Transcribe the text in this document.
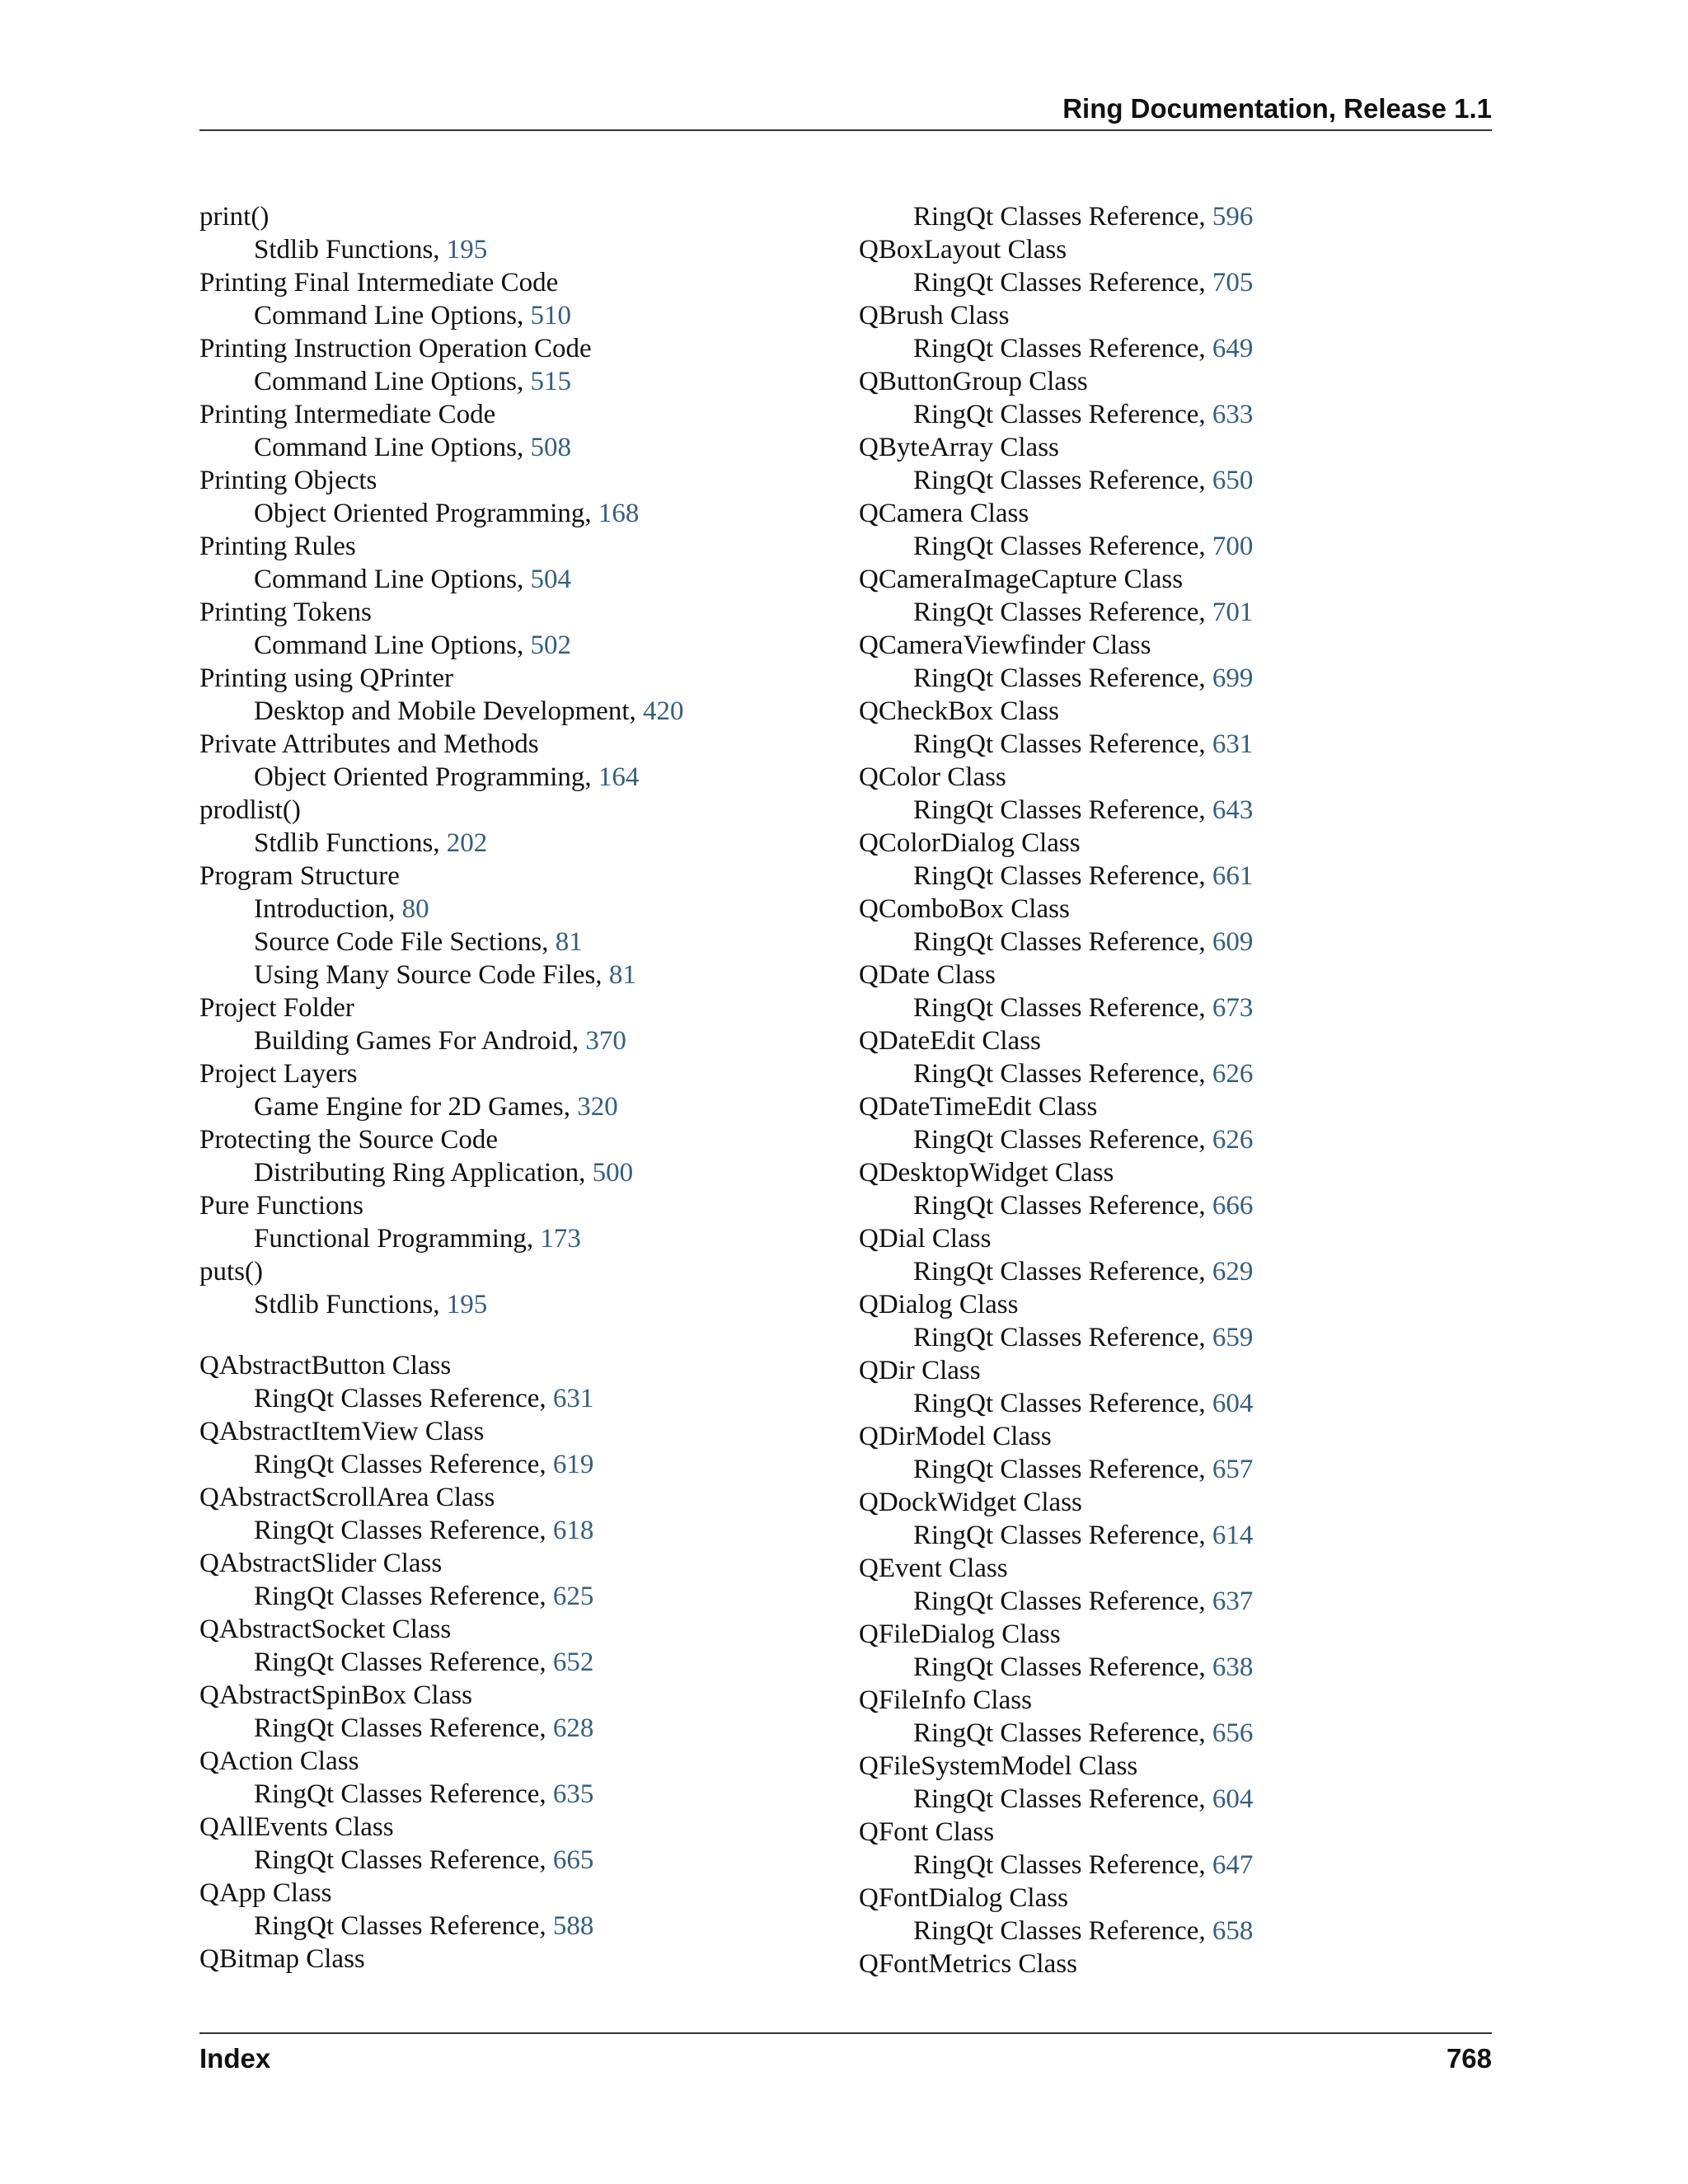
Ring Documentation, Release 1.1
print()
Stdlib Functions, 195
Printing Final Intermediate Code
Command Line Options, 510
Printing Instruction Operation Code
Command Line Options, 515
Printing Intermediate Code
Command Line Options, 508
Printing Objects
Object Oriented Programming, 168
Printing Rules
Command Line Options, 504
Printing Tokens
Command Line Options, 502
Printing using QPrinter
Desktop and Mobile Development, 420
Private Attributes and Methods
Object Oriented Programming, 164
prodlist()
Stdlib Functions, 202
Program Structure
Introduction, 80
Source Code File Sections, 81
Using Many Source Code Files, 81
Project Folder
Building Games For Android, 370
Project Layers
Game Engine for 2D Games, 320
Protecting the Source Code
Distributing Ring Application, 500
Pure Functions
Functional Programming, 173
puts()
Stdlib Functions, 195
QAbstractButton Class
RingQt Classes Reference, 631
QAbstractItemView Class
RingQt Classes Reference, 619
QAbstractScrollArea Class
RingQt Classes Reference, 618
QAbstractSlider Class
RingQt Classes Reference, 625
QAbstractSocket Class
RingQt Classes Reference, 652
QAbstractSpinBox Class
RingQt Classes Reference, 628
QAction Class
RingQt Classes Reference, 635
QAllEvents Class
RingQt Classes Reference, 665
QApp Class
RingQt Classes Reference, 588
QBitmap Class
RingQt Classes Reference, 596
QBoxLayout Class
RingQt Classes Reference, 705
QBrush Class
RingQt Classes Reference, 649
QButtonGroup Class
RingQt Classes Reference, 633
QByteArray Class
RingQt Classes Reference, 650
QCamera Class
RingQt Classes Reference, 700
QCameraImageCapture Class
RingQt Classes Reference, 701
QCameraViewfinder Class
RingQt Classes Reference, 699
QCheckBox Class
RingQt Classes Reference, 631
QColor Class
RingQt Classes Reference, 643
QColorDialog Class
RingQt Classes Reference, 661
QComboBox Class
RingQt Classes Reference, 609
QDate Class
RingQt Classes Reference, 673
QDateEdit Class
RingQt Classes Reference, 626
QDateTimeEdit Class
RingQt Classes Reference, 626
QDesktopWidget Class
RingQt Classes Reference, 666
QDial Class
RingQt Classes Reference, 629
QDialog Class
RingQt Classes Reference, 659
QDir Class
RingQt Classes Reference, 604
QDirModel Class
RingQt Classes Reference, 657
QDockWidget Class
RingQt Classes Reference, 614
QEvent Class
RingQt Classes Reference, 637
QFileDialog Class
RingQt Classes Reference, 638
QFileInfo Class
RingQt Classes Reference, 656
QFileSystemModel Class
RingQt Classes Reference, 604
QFont Class
RingQt Classes Reference, 647
QFontDialog Class
RingQt Classes Reference, 658
QFontMetrics Class
Index	768
